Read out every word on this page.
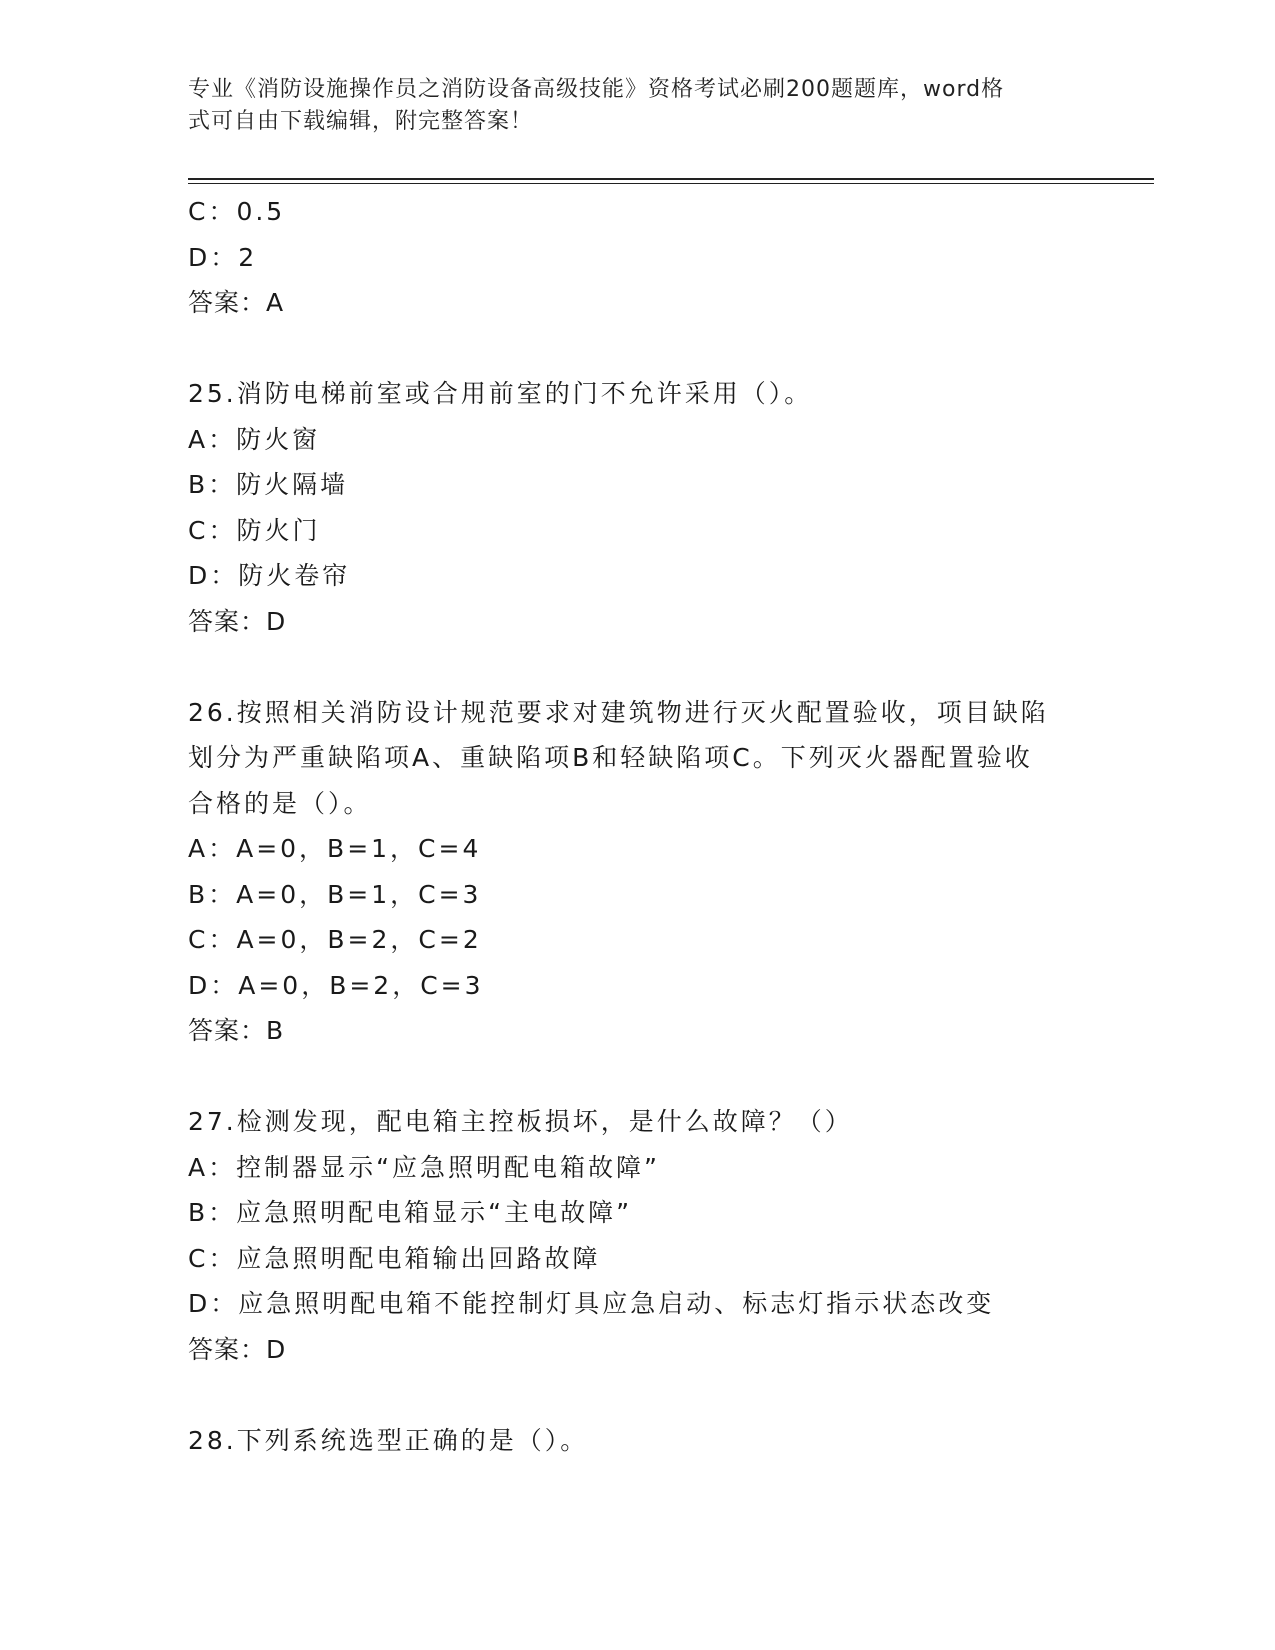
专业《消防设施操作员之消防设备高级技能》资格考试必刷200题题库，word格
式可自由下载编辑，附完整答案！
C：0.5
D：2
答案：A
25.消防电梯前室或合用前室的门不允许采用（）。
A：防火窗
B：防火隔墙
C：防火门
D：防火卷帘
答案：D
26.按照相关消防设计规范要求对建筑物进行灭火配置验收，项目缺陷
划分为严重缺陷项A、重缺陷项B和轻缺陷项C。下列灭火器配置验收
合格的是（）。
A：A=0，B=1，C=4
B：A=0，B=1，C=3
C：A=0，B=2，C=2
D：A=0，B=2，C=3
答案：B
27.检测发现，配电箱主控板损坏，是什么故障？（）
A：控制器显示“应急照明配电箱故障”
B：应急照明配电箱显示“主电故障”
C：应急照明配电箱输出回路故障
D：应急照明配电箱不能控制灯具应急启动、标志灯指示状态改变
答案：D
28.下列系统选型正确的是（）。
